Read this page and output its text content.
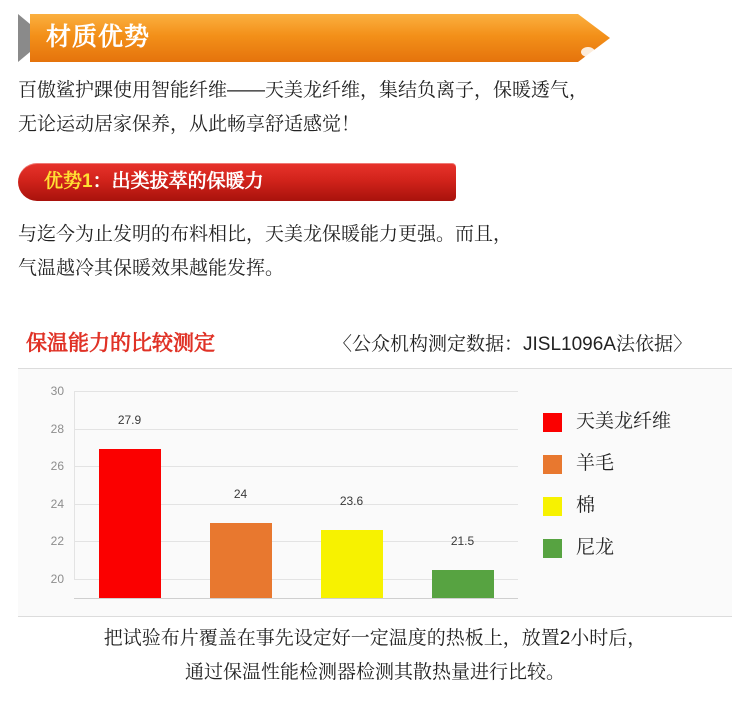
材质优势
百傲鲨护踝使用智能纤维——天美龙纤维，集结负离子，保暖透气，
无论运动居家保养，从此畅享舒适感觉！
优势1：出类拔萃的保暖力
与迄今为止发明的布料相比，天美龙保暖能力更强。而且，
气温越冷其保暖效果越能发挥。
保温能力的比较测定	〈公众机构测定数据：JISL1096A法依据〉
20
22
24
26
28
30
27.9
24
23.6
21.5
天美龙纤维
羊毛
棉
尼龙
把试验布片覆盖在事先设定好一定温度的热板上，放置2小时后，
通过保温性能检测器检测其散热量进行比较。
